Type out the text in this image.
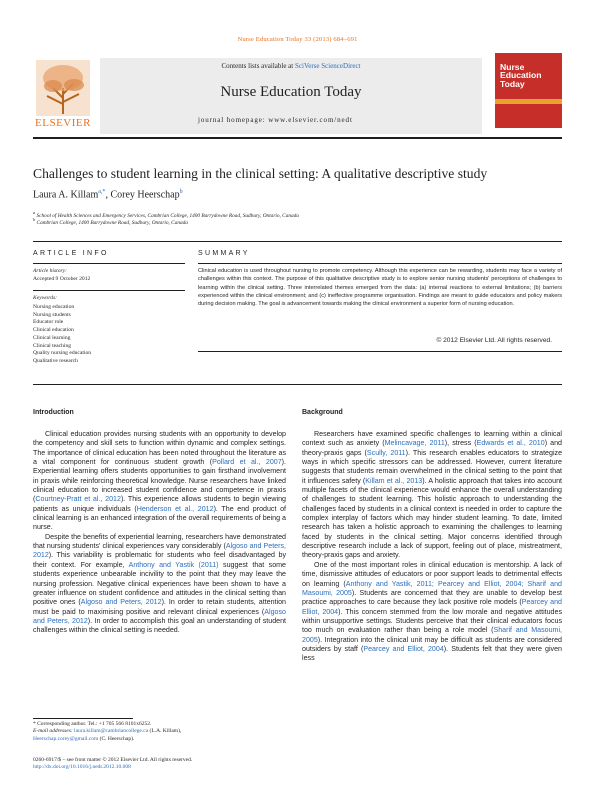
Nurse Education Today 33 (2013) 684–691
ELSEVIER
Contents lists available at SciVerse ScienceDirect
Nurse Education Today
journal homepage: www.elsevier.com/nedt
Nurse
Education
Today
Challenges to student learning in the clinical setting: A qualitative descriptive study
Laura A. Killam$^{a,*}$, Corey Heerschap$^b$
$^a$ School of Health Sciences and Emergency Services, Cambrian College, 1400 Barrydowne Road, Sudbury, Ontario, Canada
$^b$ Cambrian College, 1400 Barrydowne Road, Sudbury, Ontario, Canada
ARTICLE INFO	SUMMARY
Article history:
Accepted 9 October 2012
Keywords:
Nursing education
Nursing students
Educator role
Clinical education
Clinical learning
Clinical teaching
Quality nursing education
Qualitative research
Clinical education is used throughout nursing to promote competency. Although this experience can be rewarding, students may face a variety of challenges within this context. The purpose of this qualitative descriptive study is to explore senior nursing students' perceptions of challenges to learning within the clinical setting. Three interrelated themes emerged from the data: (a) internal reactions to external limitations; (b) barriers experienced within the clinical environment; and (c) ineffective programme organisation. Findings are meant to guide educators and policy makers during decision making. The goal is advancement towards making the clinical environment a superior form of nursing education.
© 2012 Elsevier Ltd. All rights reserved.
Introduction	Background

Clinical education provides nursing students with an opportunity to develop the competency and skill sets to function within dynamic and complex settings. The importance of clinical education has been noted throughout the literature as a vital component for continuous student growth (Pollard et al., 2007). Experiential learning offers students opportunities to gain firsthand involvement in praxis while reinforcing theoretical knowledge. Nurse researchers have linked clinical education to increased student confidence and competence in praxis (Courtney-Pratt et al., 2012). This experience allows students to begin viewing patients as unique individuals (Henderson et al., 2012). The end product of clinical learning is an enhanced integration of the overall requirements of being a nurse.

Despite the benefits of experiential learning, researchers have demonstrated that nursing students' clinical experiences vary considerably (Algoso and Peters, 2012). This variability is problematic for students who feel disadvantaged by their context. For example, Anthony and Yastik (2011) suggest that some students experience unbearable incivility to the point that they may leave the nursing profession. Negative clinical experiences have been shown to have a greater influence on student confidence and attitudes in the clinical setting than positive ones (Algoso and Peters, 2012). In order to retain students, attention must be paid to maximising positive and relevant clinical experiences (Algoso and Peters, 2012). In order to accomplish this goal an understanding of student challenges within the clinical setting is needed.

Researchers have examined specific challenges to learning within a clinical context such as anxiety (Melincavage, 2011), stress (Edwards et al., 2010) and theory-praxis gaps (Scully, 2011). This research enables educators to strategize ways in which specific stressors can be addressed. However, current literature suggests that students remain overwhelmed in the clinical setting to the point that it influences safety (Killam et al., 2013). A holistic approach that takes into account multiple facets of the clinical experience would enhance the overall understanding of challenges to student learning. This holistic approach to understanding the challenges faced by students in a clinical context is needed in order to capture the complex interplay of factors which may hinder student learning. To date, limited research has taken a holistic approach to examining the challenges to learning faced by students in the clinical setting. Major concerns identified through descriptive research include a lack of support, feeling out of place, mistreatment, theory-praxis gaps and anxiety.

One of the most important roles in clinical education is mentorship. A lack of time, dismissive attitudes of educators or poor support leads to detrimental effects on learning (Anthony and Yastik, 2011; Pearcey and Elliot, 2004; Sharif and Masoumi, 2005). Students are concerned that they are unable to develop best practice approaches to care because they lack positive role models (Pearcey and Elliot, 2004). This concern stemmed from the low morale and negative attitudes within unsupportive settings. Students perceive that their clinical educators focus too much on evaluation rather than being a role model (Sharif and Masoumi, 2005). Integration into the clinical unit may be difficult as students are considered outsiders by staff (Pearcey and Elliot, 2004). Students felt that they were given less

* Corresponding author. Tel.: +1 705 566 8101x6252.
E-mail addresses: laura.killam@cambriancollege.ca (L.A. Killam),
Heerschap.corey@gmail.com (C. Heerschap).
0260-6917/$ – see front matter © 2012 Elsevier Ltd. All rights reserved.
http://dx.doi.org/10.1016/j.nedt.2012.10.008
